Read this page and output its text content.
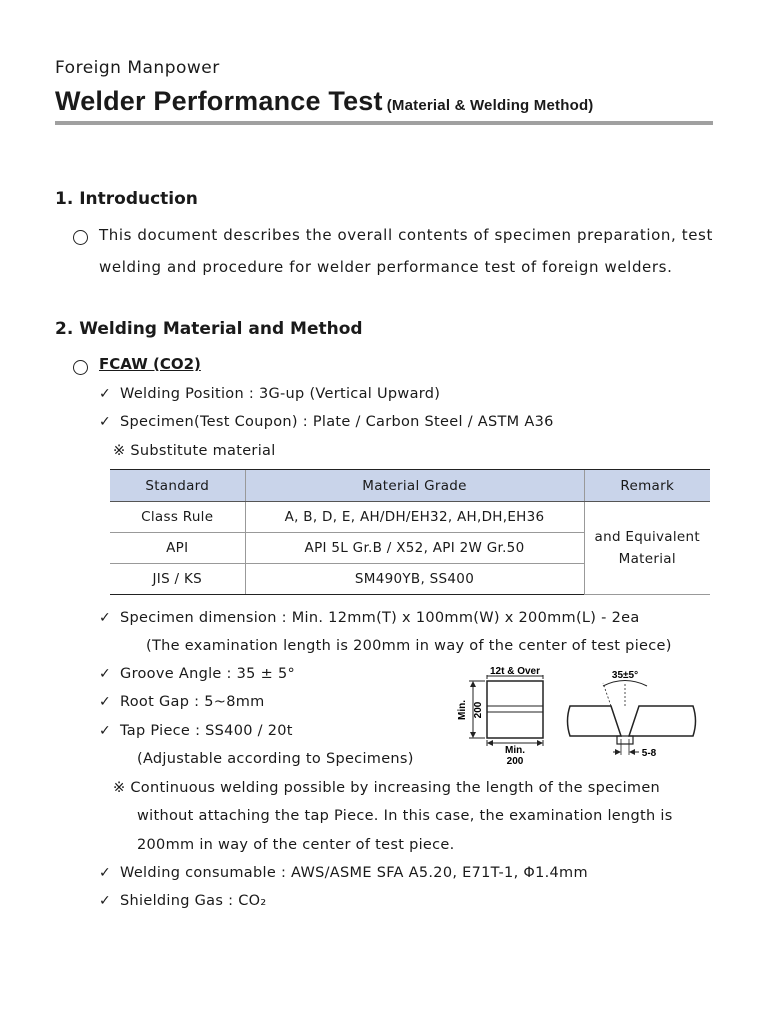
Foreign Manpower
Welder Performance Test (Material & Welding Method)
1. Introduction
This document describes the overall contents of specimen preparation, test
welding and procedure for welder performance test of foreign welders.
2. Welding Material and Method
FCAW (CO2)
✓ Welding Position : 3G-up (Vertical Upward)
✓ Specimen(Test Coupon) : Plate / Carbon Steel / ASTM A36
※ Substitute material
Standard	Material Grade	Remark
Class Rule	A, B, D, E, AH/DH/EH32, AH,DH,EH36	and Equivalent
Material
API	API 5L Gr.B / X52, API 2W Gr.50	
JIS / KS	SM490YB, SS400	
✓ Specimen dimension : Min. 12mm(T) x 100mm(W) x 200mm(L) - 2ea
(The examination length is 200mm in way of the center of test piece)
✓ Groove Angle : 35 ± 5°
✓ Root Gap : 5~8mm
✓ Tap Piece : SS400 / 20t
(Adjustable according to Specimens)
※ Continuous welding possible by increasing the length of the specimen
without attaching the tap Piece. In this case, the examination length is
200mm in way of the center of test piece.
✓ Welding consumable : AWS/ASME SFA A5.20, E71T-1, Φ1.4mm
✓ Shielding Gas : CO₂
12t & Over
Min. 200
Min.
200
35±5°
5-8
